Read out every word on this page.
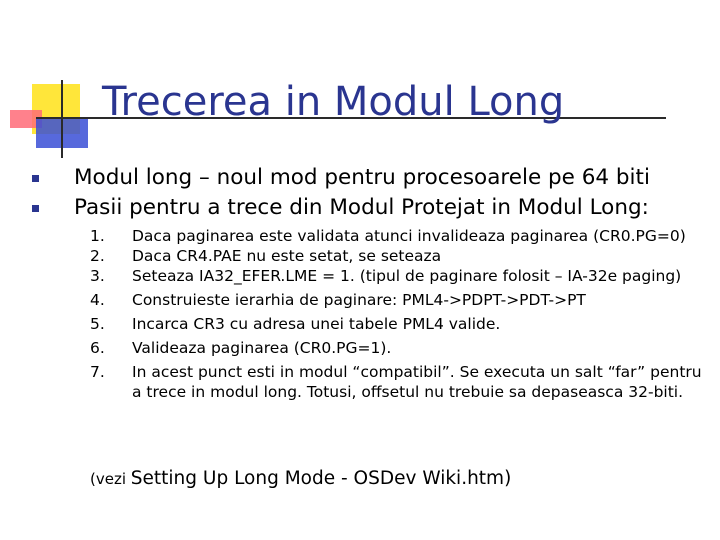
Trecerea in Modul Long
Modul long – noul mod pentru procesoarele pe 64 biti
Pasii pentru a trece din Modul Protejat in Modul Long:
1.	Daca paginarea este validata atunci invalideaza paginarea (CR0.PG=0)
2.	Daca CR4.PAE nu este setat, se seteaza
3.	Seteaza IA32_EFER.LME = 1. (tipul de paginare folosit – IA-32e paging)
4.	Construieste ierarhia de paginare: PML4->PDPT->PDT->PT
5.	Incarca CR3 cu adresa unei tabele PML4 valide.
6.	Valideaza paginarea (CR0.PG=1).
7.	In acest punct esti in modul “compatibil”. Se executa un salt “far” pentru a trece in modul long. Totusi, offsetul nu trebuie sa depaseasca 32-biti.
(vezi Setting Up Long Mode - OSDev Wiki.htm)
